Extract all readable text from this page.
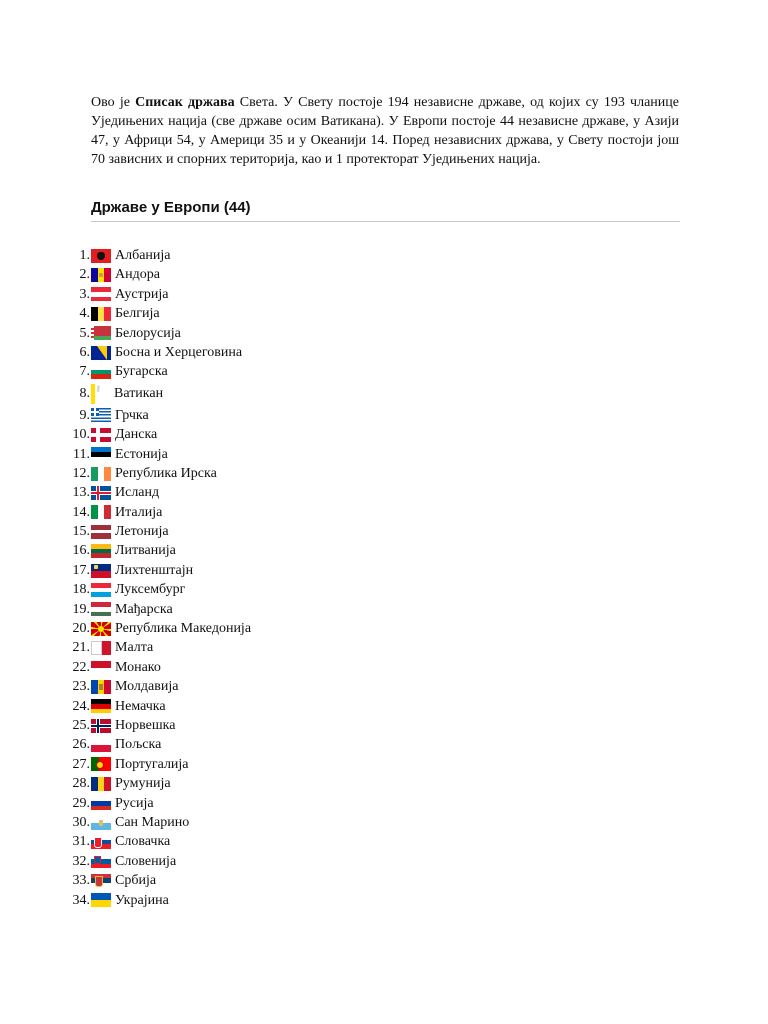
Ово је Списак држава Света. У Свету постоје 194 независне државе, од којих су 193 чланице Уједињених нација (све државе осим Ватикана). У Европи постоје 44 независне државе, у Азији 47, у Африци 54, у Америци 35 и у Океанији 14. Поред независних држава, у Свету постоји још 70 зависних и спорних територија, као и 1 протекторат Уједињених нација.

Државе у Европи (44)
1. Албанија
2. Андора
3. Аустрија
4. Белгија
5. Белорусија
6. Босна и Херцеговина
7. Бугарска
8. ⚷ Ватикан
9. Грчка
10. Данска
11. Естонија
12. Република Ирска
13. Исланд
14. Италија
15. Летонија
16. Литванија
17. Лихтенштајн
18. Луксембург
19. Мађарска
20. Република Македонија
21. Малта
22. Монако
23. Молдавија
24. Немачка
25. Норвешка
26. Пољска
27. Португалија
28. Румунија
29. Русија
30. Сан Марино
31. Словачка
32. Словенија
33. Србија
34. Украјина
